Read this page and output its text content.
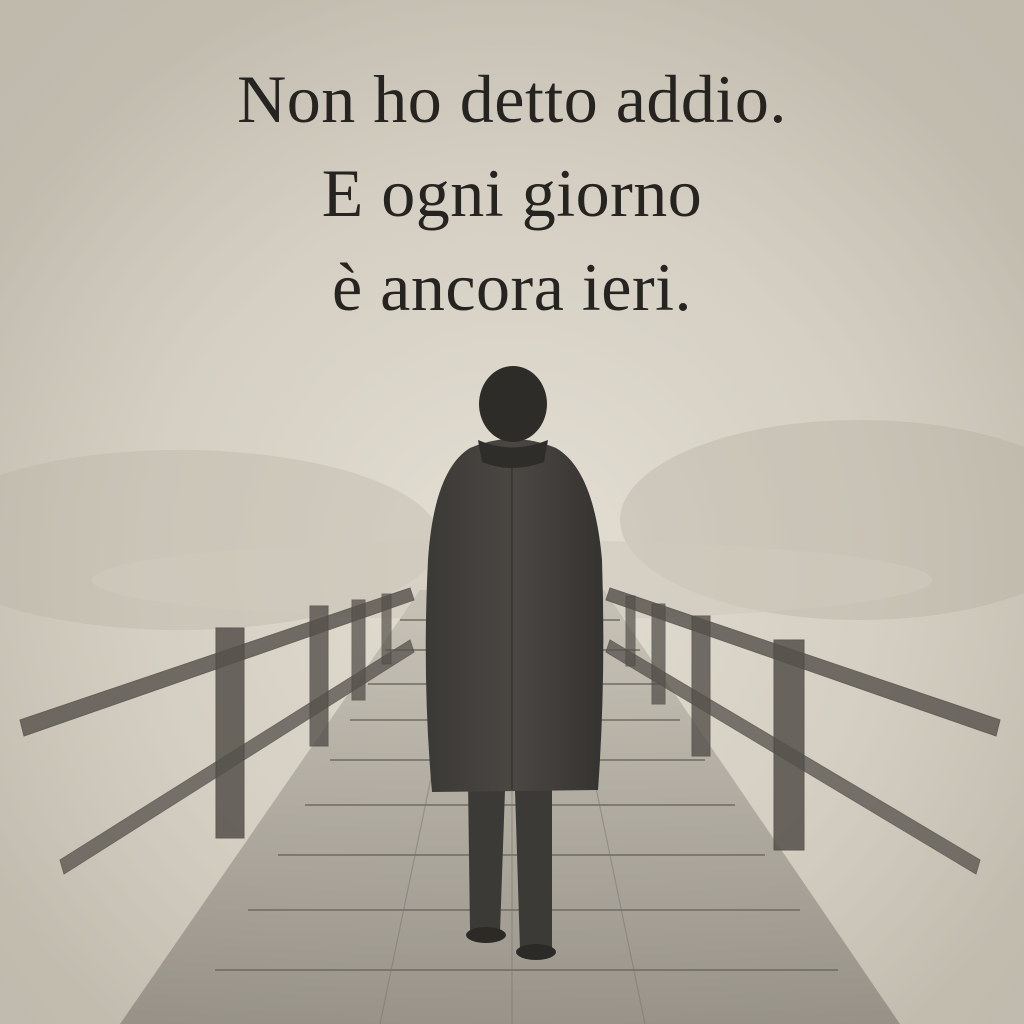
Non ho detto addio.
E ogni giorno
è ancora ieri.
